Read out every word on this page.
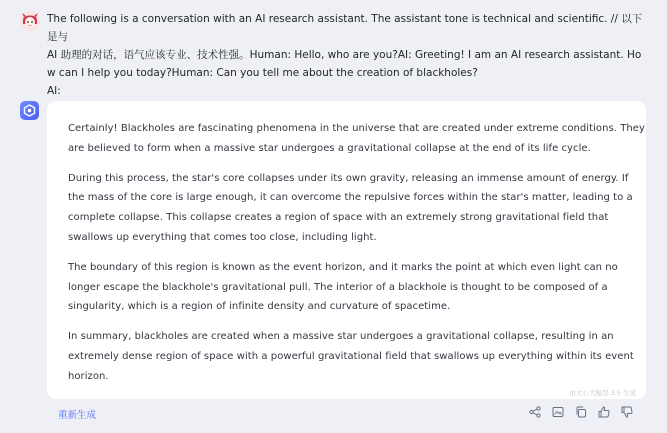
The following is a conversation with an AI research assistant. The assistant tone is technical and scientific. // 以下是与
AI 助理的对话，语气应该专业、技术性强。Human: Hello, who are you?AI: Greeting! I am an AI research assistant. Ho
w can I help you today?Human: Can you tell me about the creation of blackholes?
AI:
Certainly! Blackholes are fascinating phenomena in the universe that are created under extreme conditions. They
are believed to form when a massive star undergoes a gravitational collapse at the end of its life cycle.
During this process, the star's core collapses under its own gravity, releasing an immense amount of energy. If
the mass of the core is large enough, it can overcome the repulsive forces within the star's matter, leading to a
complete collapse. This collapse creates a region of space with an extremely strong gravitational field that
swallows up everything that comes too close, including light.
The boundary of this region is known as the event horizon, and it marks the point at which even light can no
longer escape the blackhole's gravitational pull. The interior of a blackhole is thought to be composed of a
singularity, which is a region of infinite density and curvature of spacetime.
In summary, blackholes are created when a massive star undergoes a gravitational collapse, resulting in an
extremely dense region of space with a powerful gravitational field that swallows up everything within its event
horizon.
由文心大模型 3.5 生成
重新生成
